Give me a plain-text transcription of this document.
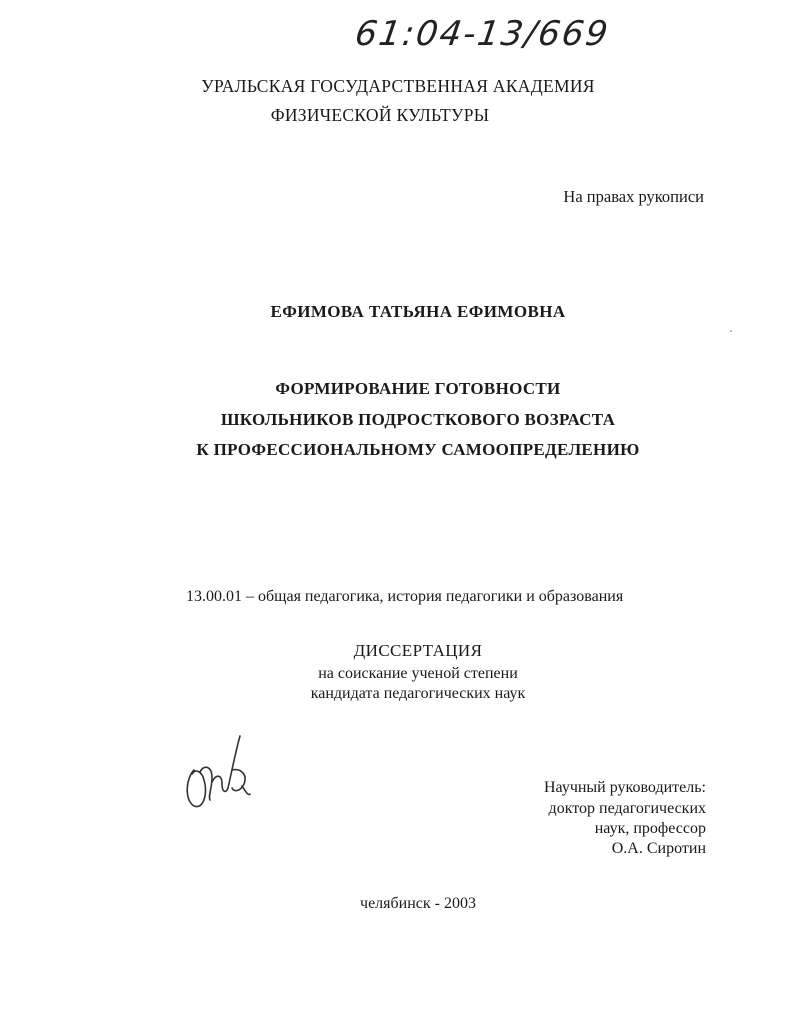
61:04-13/669
УРАЛЬСКАЯ ГОСУДАРСТВЕННАЯ АКАДЕМИЯ
ФИЗИЧЕСКОЙ КУЛЬТУРЫ
На правах рукописи
ЕФИМОВА ТАТЬЯНА ЕФИМОВНА
ФОРМИРОВАНИЕ ГОТОВНОСТИ
ШКОЛЬНИКОВ ПОДРОСТКОВОГО ВОЗРАСТА
К ПРОФЕССИОНАЛЬНОМУ САМООПРЕДЕЛЕНИЮ
13.00.01 – общая педагогика, история педагогики и образования
ДИССЕРТАЦИЯ
на соискание ученой степени
кандидата педагогических наук
Научный руководитель:
доктор педагогических
наук, профессор
О.А. Сиротин
челябинск - 2003
